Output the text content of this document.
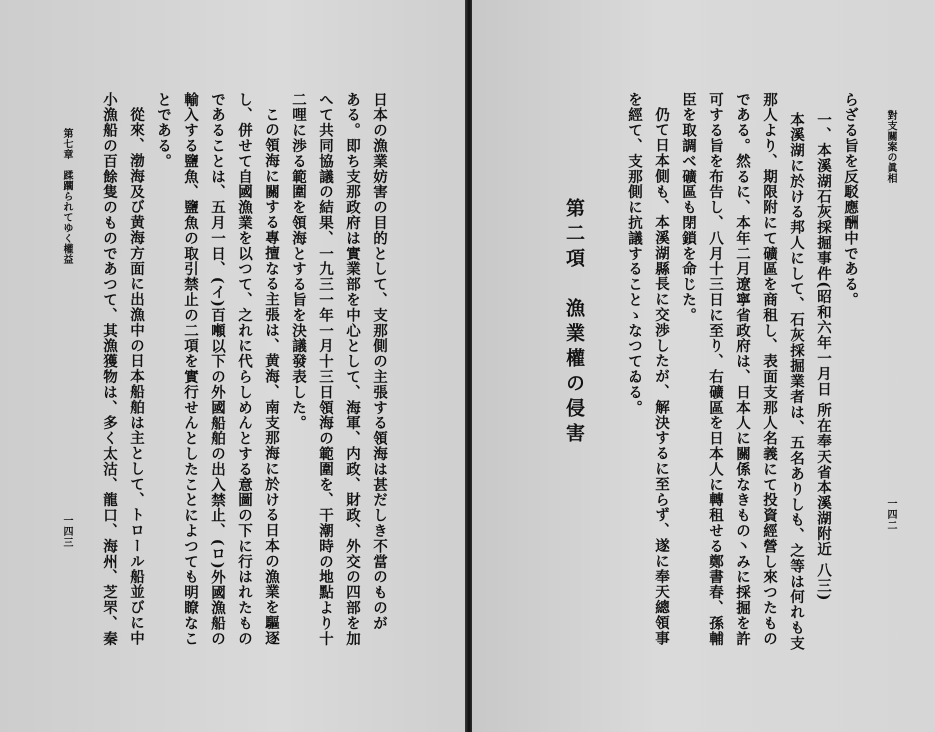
日本の漁業妨害の目的として、支那側の主張する領海は甚だしき不當のものが
ある。即ち支那政府は實業部を中心として、海軍、内政、財政、外交の四部を加
へて共同協議の結果、一九三一年一月十三日領海の範圍を、干潮時の地點より十
二哩に渉る範圍を領海とする旨を決議發表した。
この領海に關する專擅なる主張は、黄海、南支那海に於ける日本の漁業を驅逐
し、併せて自國漁業を以つて、之れに代らしめんとする意圖の下に行はれたもの
であることは、五月一日、(イ)百噸以下の外國船舶の出入禁止、(ロ)外國漁船の
輸入する鹽魚、鹽魚の取引禁止の二項を實行せんとしたことによつても明瞭なこ
とである。
從來、渤海及び黄海方面に出漁中の日本船舶は主として、トロール船並びに中
小漁船の百餘隻のものであつて、其漁獲物は、多く太沽、龍口、海州、芝罘、秦
一四三
第七章　蹂躙られてゆく權益	對支關案の眞相
一四二
らざる旨を反駁應酬中である。
一、本溪湖石灰採掘事件(昭和六年一月日 所在奉天省本溪湖附近 八三)
本溪湖に於ける邦人にして、石灰採掘業者は、五名ありしも、之等は何れも支
那人より、期限附にて礦區を商租し、表面支那人名義にて投資經營し來つたもの
である。然るに、本年二月遼寧省政府は、日本人に關係なきもの丶みに採掘を許
可する旨を布告し、八月十三日に至り、右礦區を日本人に轉租せる鄭書春、孫輔
臣を取調べ礦區も閉鎖を命じた。
仍て日本側も、本溪湖縣長に交渉したが、解決するに至らず、遂に奉天總領事
を經て、支那側に抗議することゝなつてゐる。
第二項　漁業權の侵害
